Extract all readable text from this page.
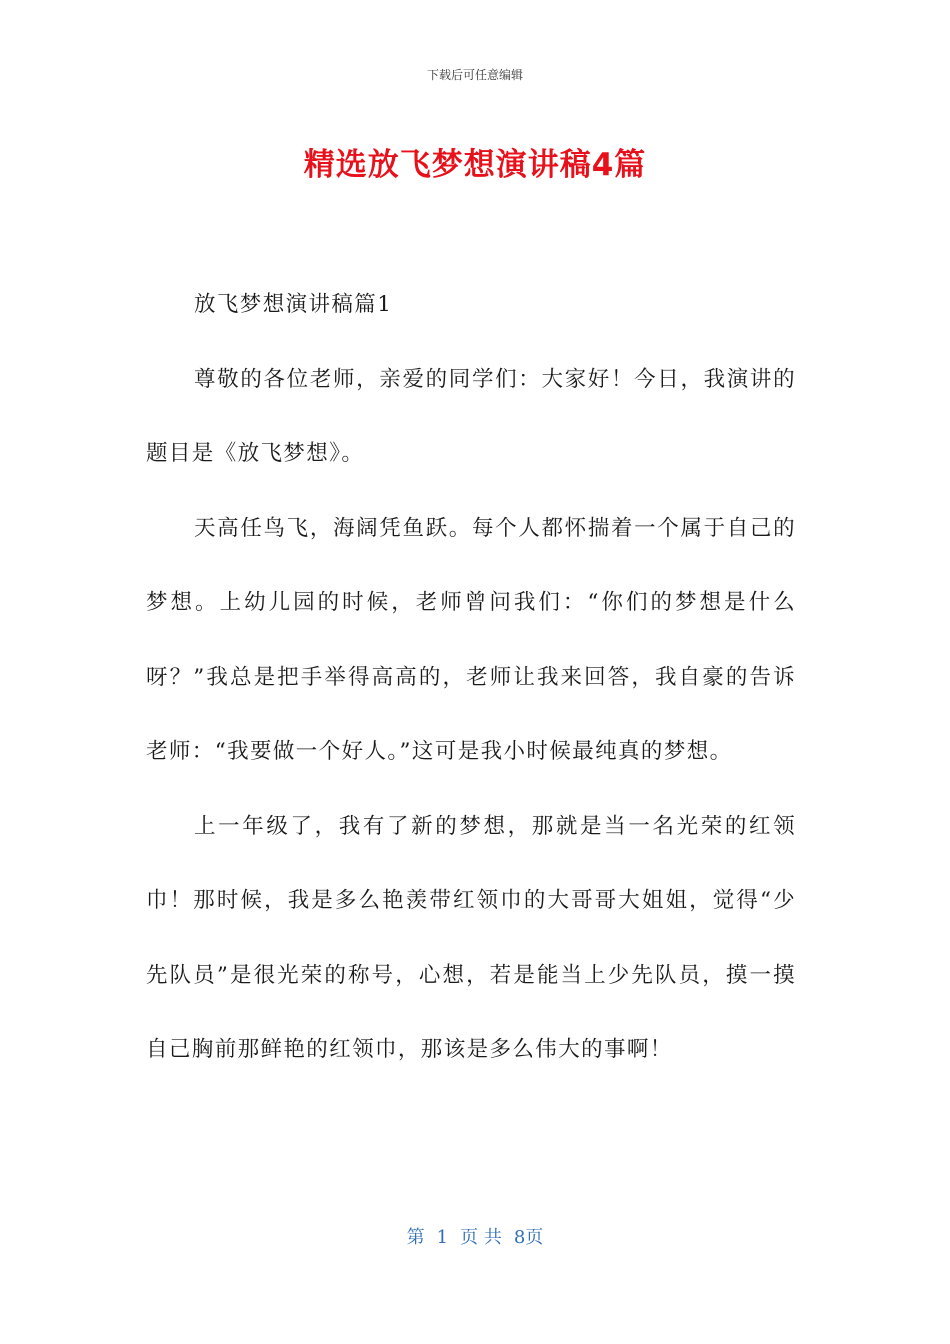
下载后可任意编辑
精选放飞梦想演讲稿4篇

放飞梦想演讲稿篇1

尊敬的各位老师，亲爱的同学们：大家好！今日，我演讲的题目是《放飞梦想》。

天高任鸟飞，海阔凭鱼跃。每个人都怀揣着一个属于自己的梦想。上幼儿园的时候，老师曾问我们：“你们的梦想是什么呀？”我总是把手举得高高的，老师让我来回答，我自豪的告诉老师：“我要做一个好人。”这可是我小时候最纯真的梦想。

上一年级了，我有了新的梦想，那就是当一名光荣的红领巾！那时候，我是多么艳羡带红领巾的大哥哥大姐姐，觉得“少先队员”是很光荣的称号，心想，若是能当上少先队员，摸一摸自己胸前那鲜艳的红领巾，那该是多么伟大的事啊！

第 1 页 共 8页
